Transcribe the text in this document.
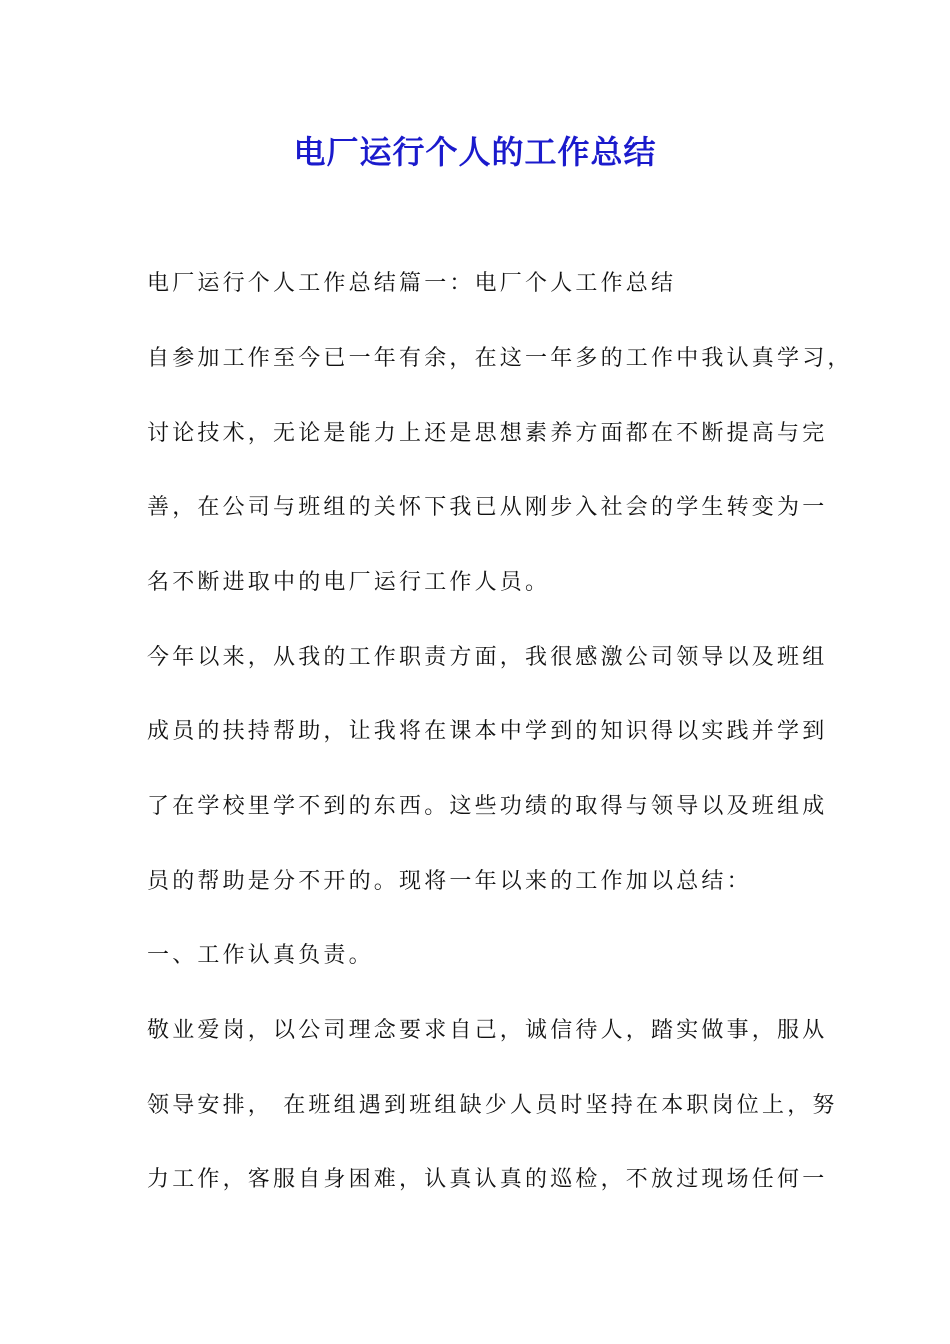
电厂运行个人的工作总结

电厂运行个人工作总结篇一：电厂个人工作总结

自参加工作至今已一年有余，在这一年多的工作中我认真学习，

讨论技术，无论是能力上还是思想素养方面都在不断提高与完

善，在公司与班组的关怀下我已从刚步入社会的学生转变为一

名不断进取中的电厂运行工作人员。

今年以来，从我的工作职责方面，我很感激公司领导以及班组

成员的扶持帮助，让我将在课本中学到的知识得以实践并学到

了在学校里学不到的东西。这些功绩的取得与领导以及班组成

员的帮助是分不开的。现将一年以来的工作加以总结：

一、工作认真负责。

敬业爱岗，以公司理念要求自己，诚信待人，踏实做事，服从

领导安排， 在班组遇到班组缺少人员时坚持在本职岗位上，努

力工作，客服自身困难，认真认真的巡检，不放过现场任何一
